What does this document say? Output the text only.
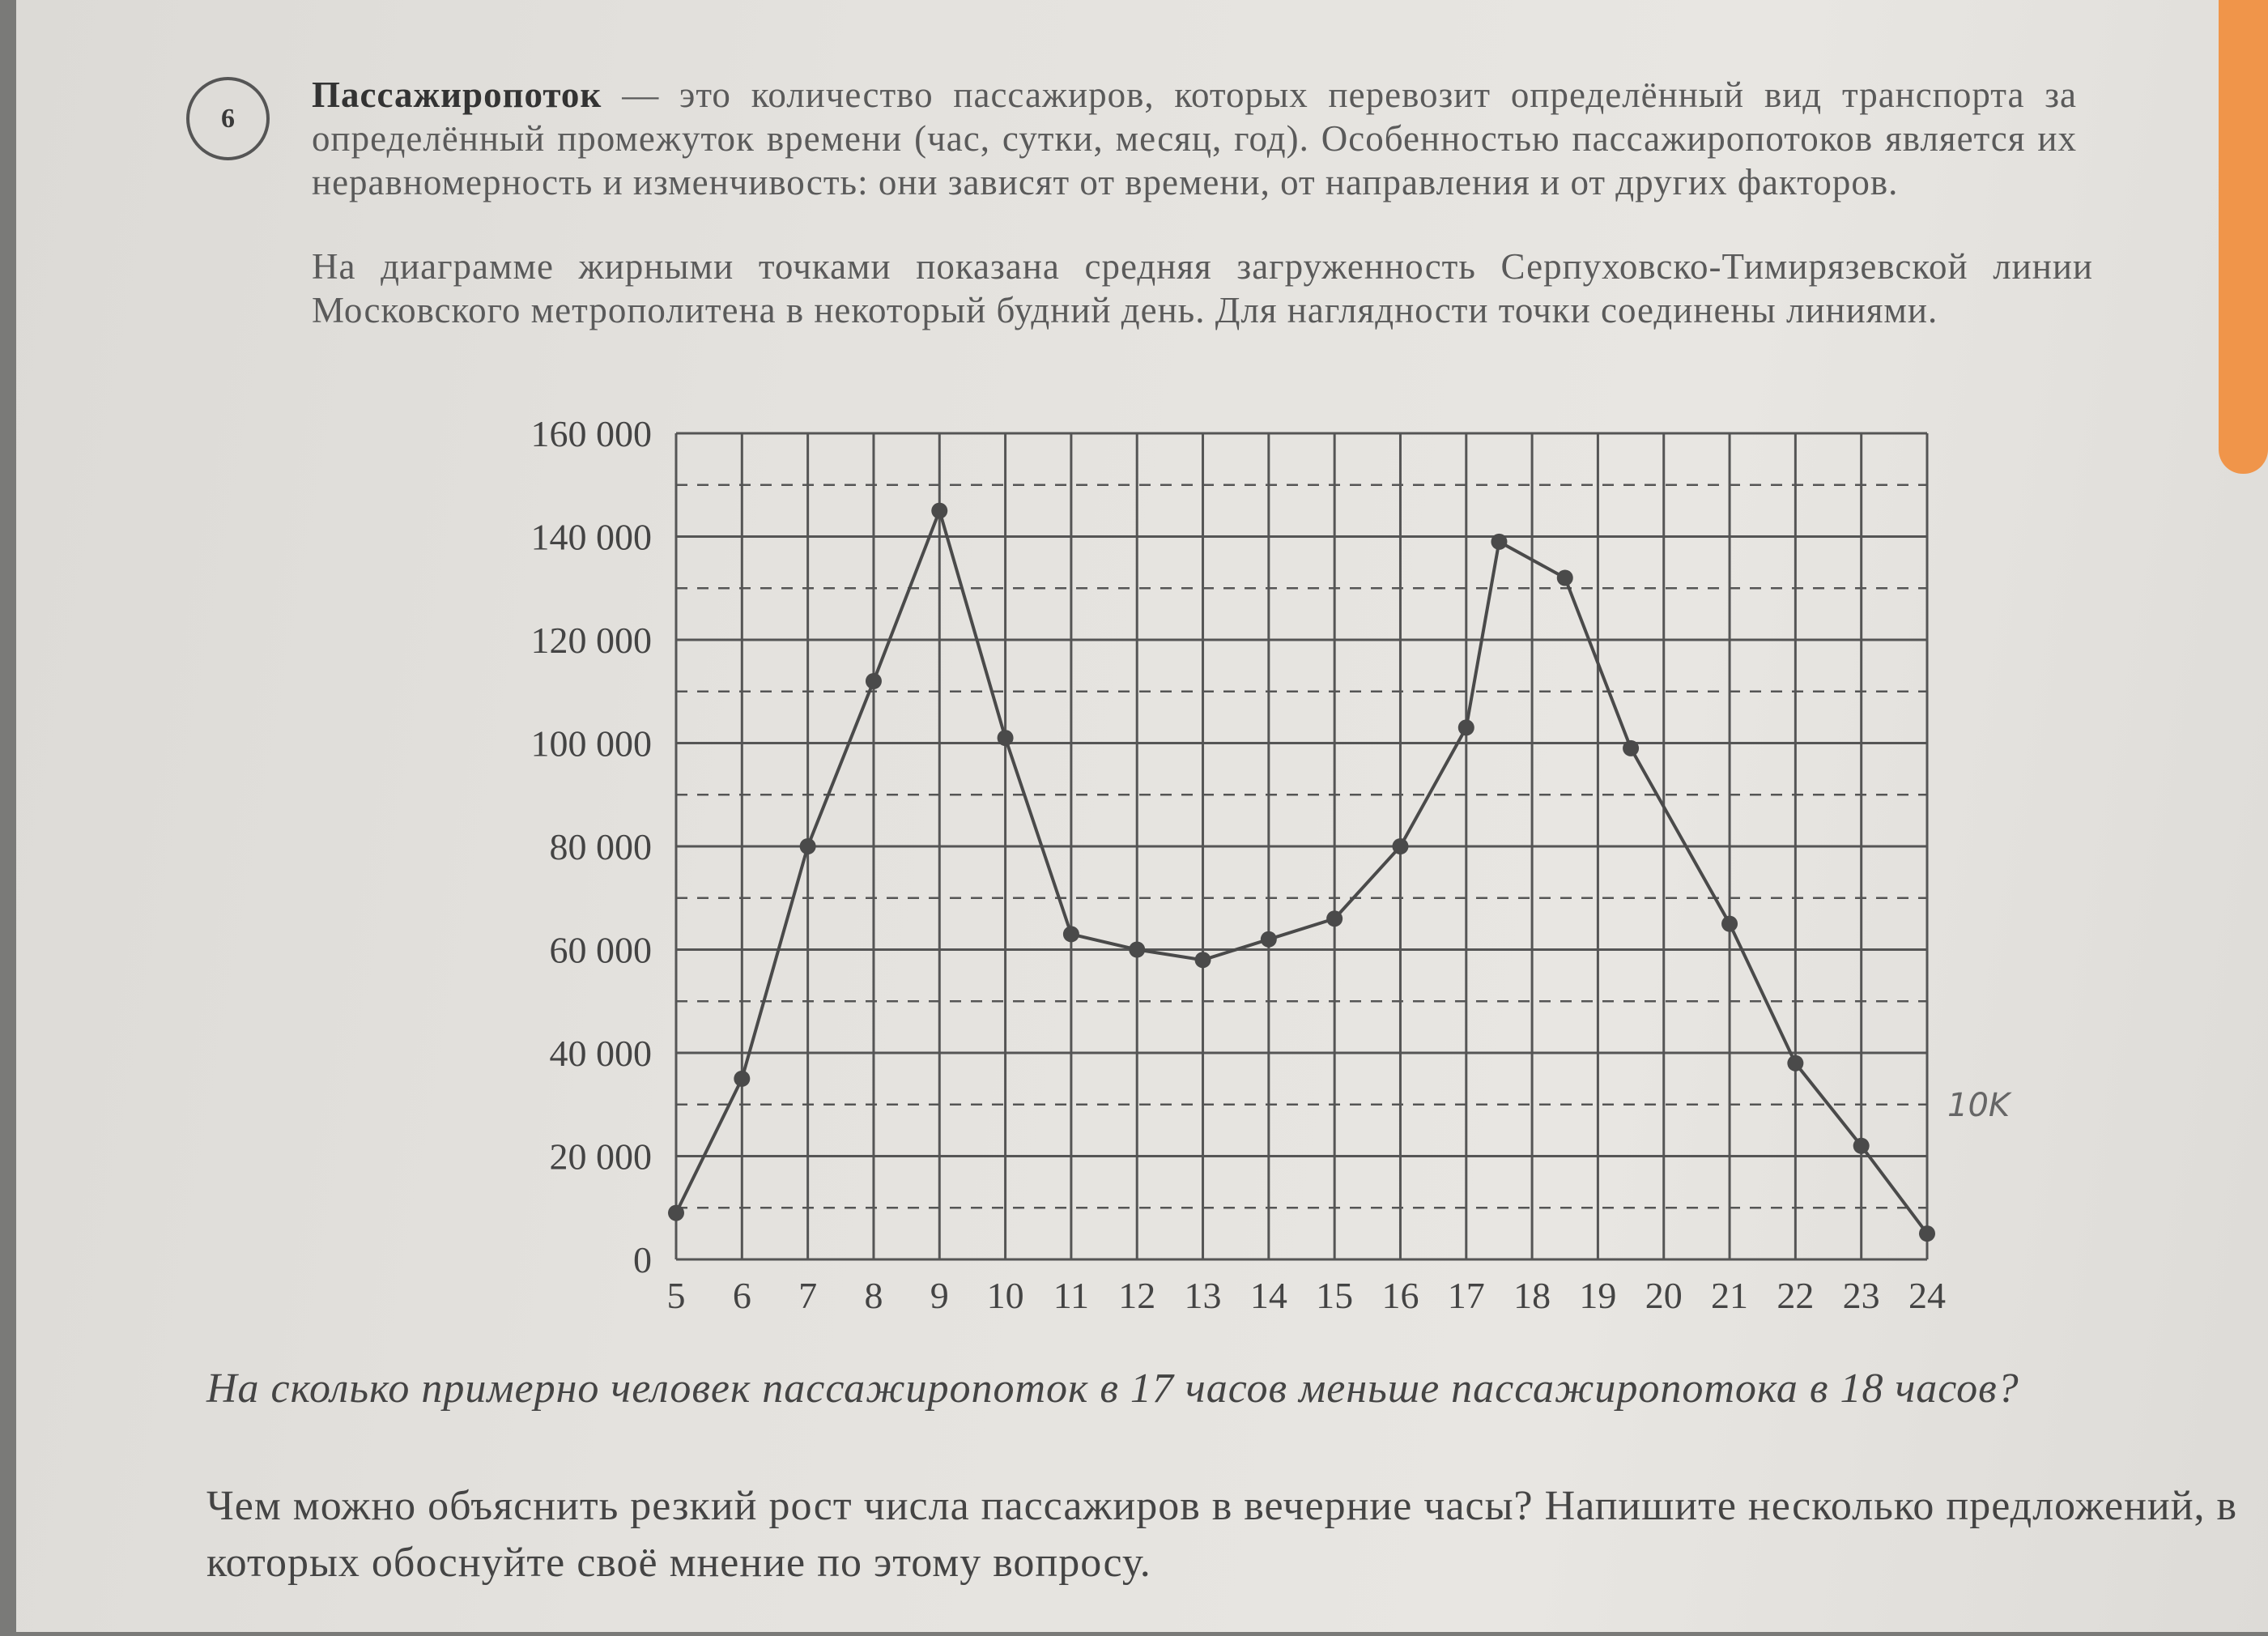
6
Пассажиропоток — это количество пассажиров, которых перевозит определённый вид транспорта за определённый промежуток времени (час, сутки, месяц, год). Особенностью пассажиропотоков является их неравномерность и изменчивость: они зависят от времени, от направления и от других факторов.
На диаграмме жирными точками показана средняя загруженность Серпуховско-Тимирязевской линии Московского метрополитена в некоторый будний день. Для наглядности точки соединены линиями.
0
20 000
40 000
60 000
80 000
100 000
120 000
140 000
160 000
5 6 7 8 9 10 11 12 13 14 15 16 17 18 19 20 21 22 23 24
10K
На сколько примерно человек пассажиропоток в 17 часов меньше пассажиропотока в 18 часов?
Чем можно объяснить резкий рост числа пассажиров в вечерние часы? Напишите несколько предложений, в которых обоснуйте своё мнение по этому вопросу.
